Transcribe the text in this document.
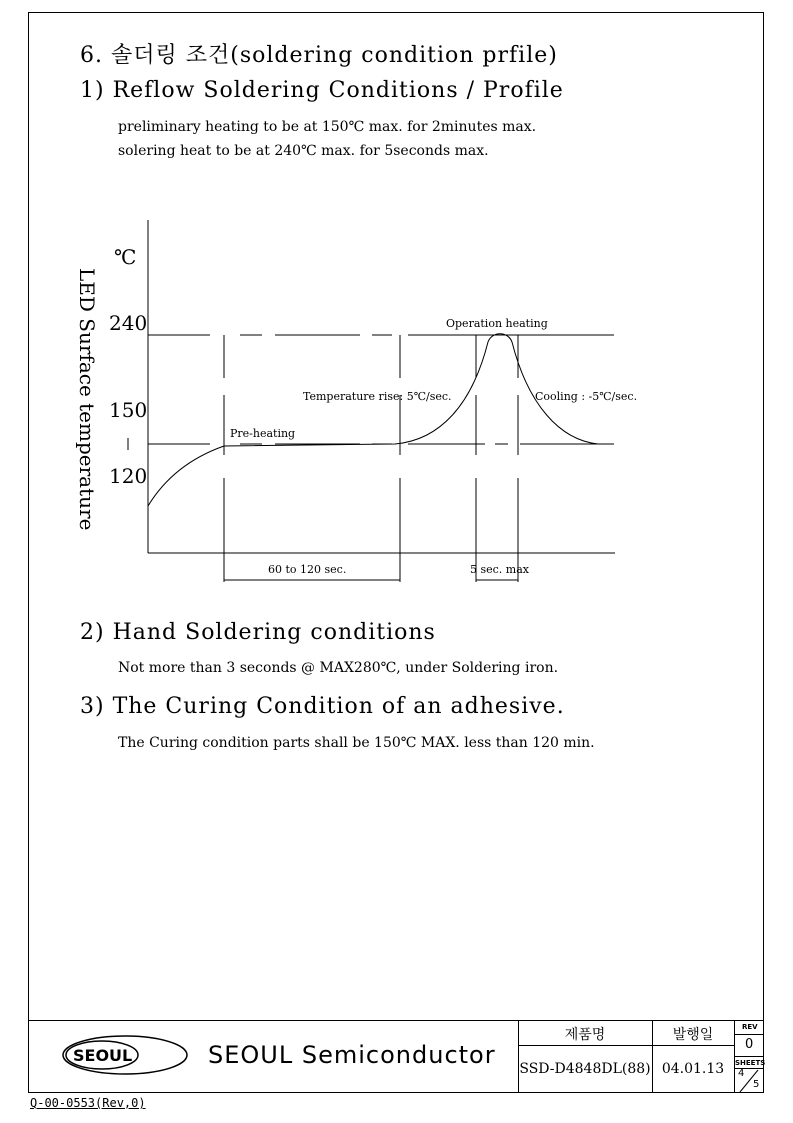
6. 솔더링 조건(soldering condition prfile)
1) Reflow Soldering Conditions / Profile
preliminary heating to be at 150℃ max. for 2minutes max.
solering heat to be at 240℃ max. for 5seconds max.
LED Surface temperature
℃
240
150
120
Operation heating
Temperature rise: 5℃/sec.	Cooling : -5℃/sec.
Pre-heating
60 to 120 sec.	5 sec. max
2) Hand Soldering conditions
Not more than 3 seconds @ MAX280℃, under Soldering iron.
3) The Curing Condition of an adhesive.
The Curing condition parts shall be 150℃ MAX. less than 120 min.
SEOUL	SEOUL Semiconductor
제품명	발행일
SSD-D4848DL(88) 04.01.13
REV
0
SHEETS
4
5
Q-00-0553(Rev,0)
